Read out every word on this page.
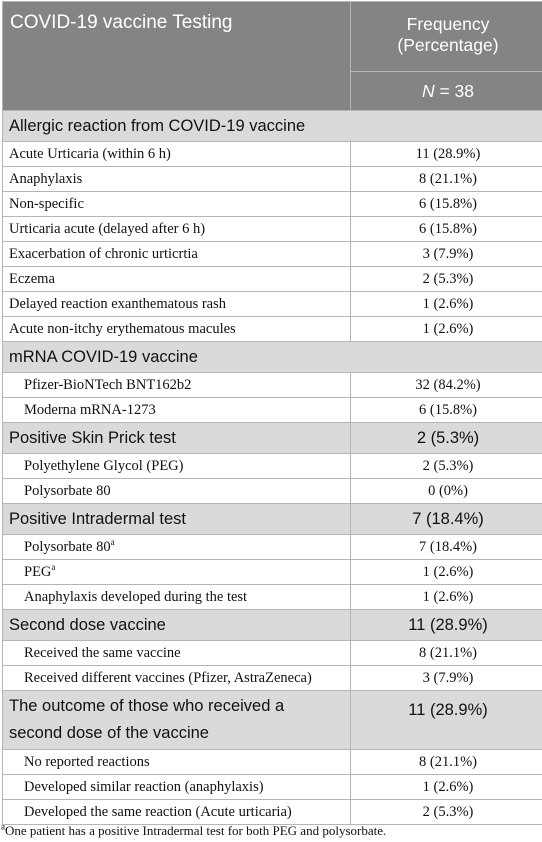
COVID-19 vaccine Testing	Frequency
(Percentage)

	N = 38
Allergic reaction from COVID-19 vaccine	
Acute Urticaria (within 6 h)	11 (28.9%)
Anaphylaxis	8 (21.1%)
Non-specific	6 (15.8%)
Urticaria acute (delayed after 6 h)	6 (15.8%)
Exacerbation of chronic urticrtia	3 (7.9%)
Eczema	2 (5.3%)
Delayed reaction exanthematous rash	1 (2.6%)
Acute non-itchy erythematous macules	1 (2.6%)
mRNA COVID-19 vaccine	
Pfizer-BioNTech BNT162b2	32 (84.2%)
Moderna mRNA-1273	6 (15.8%)
Positive Skin Prick test	2 (5.3%)
Polyethylene Glycol (PEG)	2 (5.3%)
Polysorbate 80	0 (0%)
Positive Intradermal test	7 (18.4%)
Polysorbate 80$^a$	7 (18.4%)
PEG$^a$	1 (2.6%)
Anaphylaxis developed during the test	1 (2.6%)
Second dose vaccine	11 (28.9%)
Received the same vaccine	8 (21.1%)
Received different vaccines (Pfizer, AstraZeneca)	3 (7.9%)

The outcome of those who received a
second dose of the vaccine	11 (28.9%)
No reported reactions	8 (21.1%)
Developed similar reaction (anaphylaxis)	1 (2.6%)
Developed the same reaction (Acute urticaria)	2 (5.3%)
$^a$One patient has a positive Intradermal test for both PEG and polysorbate.
